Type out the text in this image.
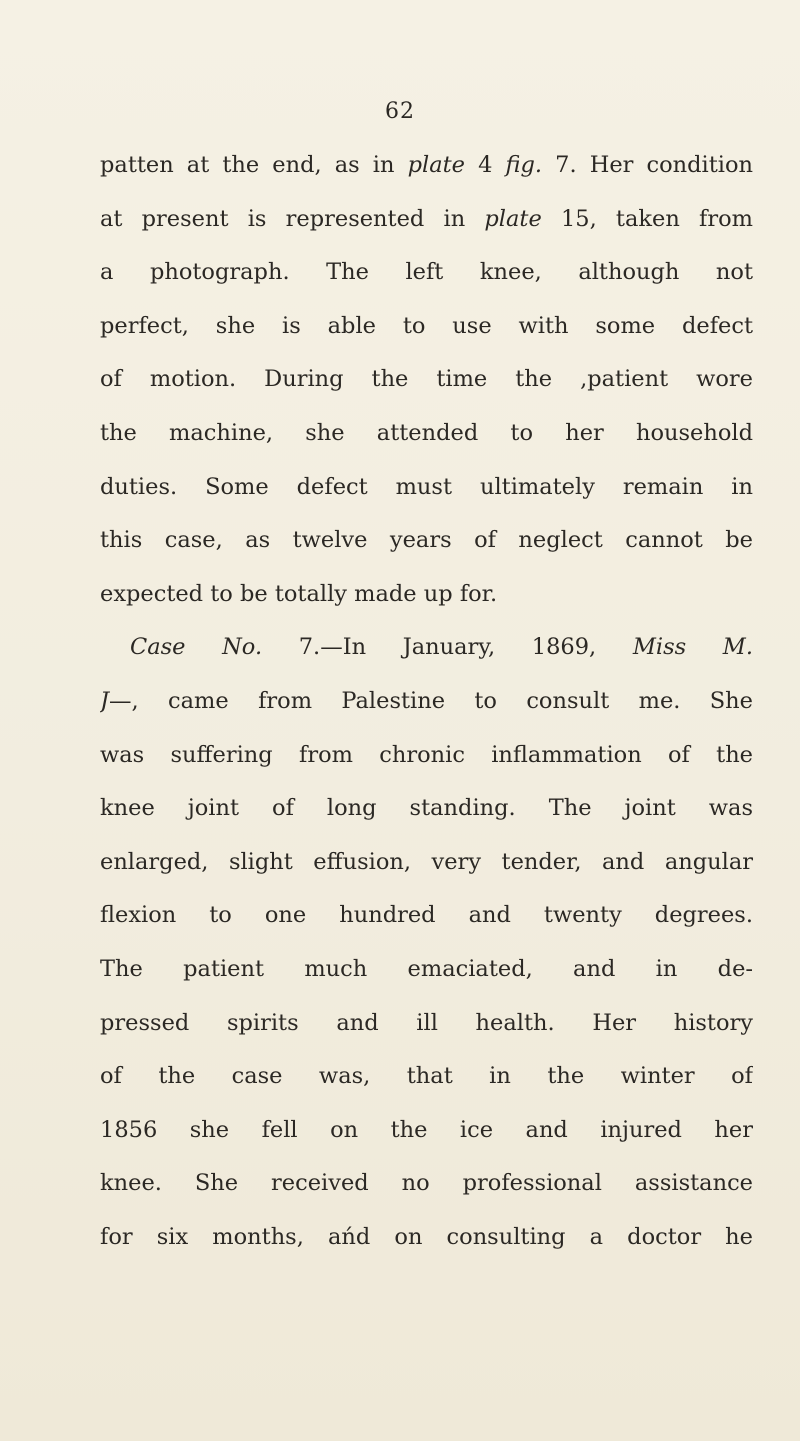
62
patten at the end, as in plate 4 fig. 7. Her condition
at present is represented in plate 15, taken from
a photograph. The left knee, although not
perfect, she is able to use with some defect
of motion. During the time the ,patient wore
the machine, she attended to her household
duties. Some defect must ultimately remain in
this case, as twelve years of neglect cannot be
expected to be totally made up for.
Case No. 7.—In January, 1869, Miss M.
J—, came from Palestine to consult me. She
was suffering from chronic inflammation of the
knee joint of long standing. The joint was
enlarged, slight effusion, very tender, and angular
flexion to one hundred and twenty degrees.
The patient much emaciated, and in de-
pressed spirits and ill health. Her history
of the case was, that in the winter of
1856 she fell on the ice and injured her
knee. She received no professional assistance
for six months, ańd on consulting a doctor he
